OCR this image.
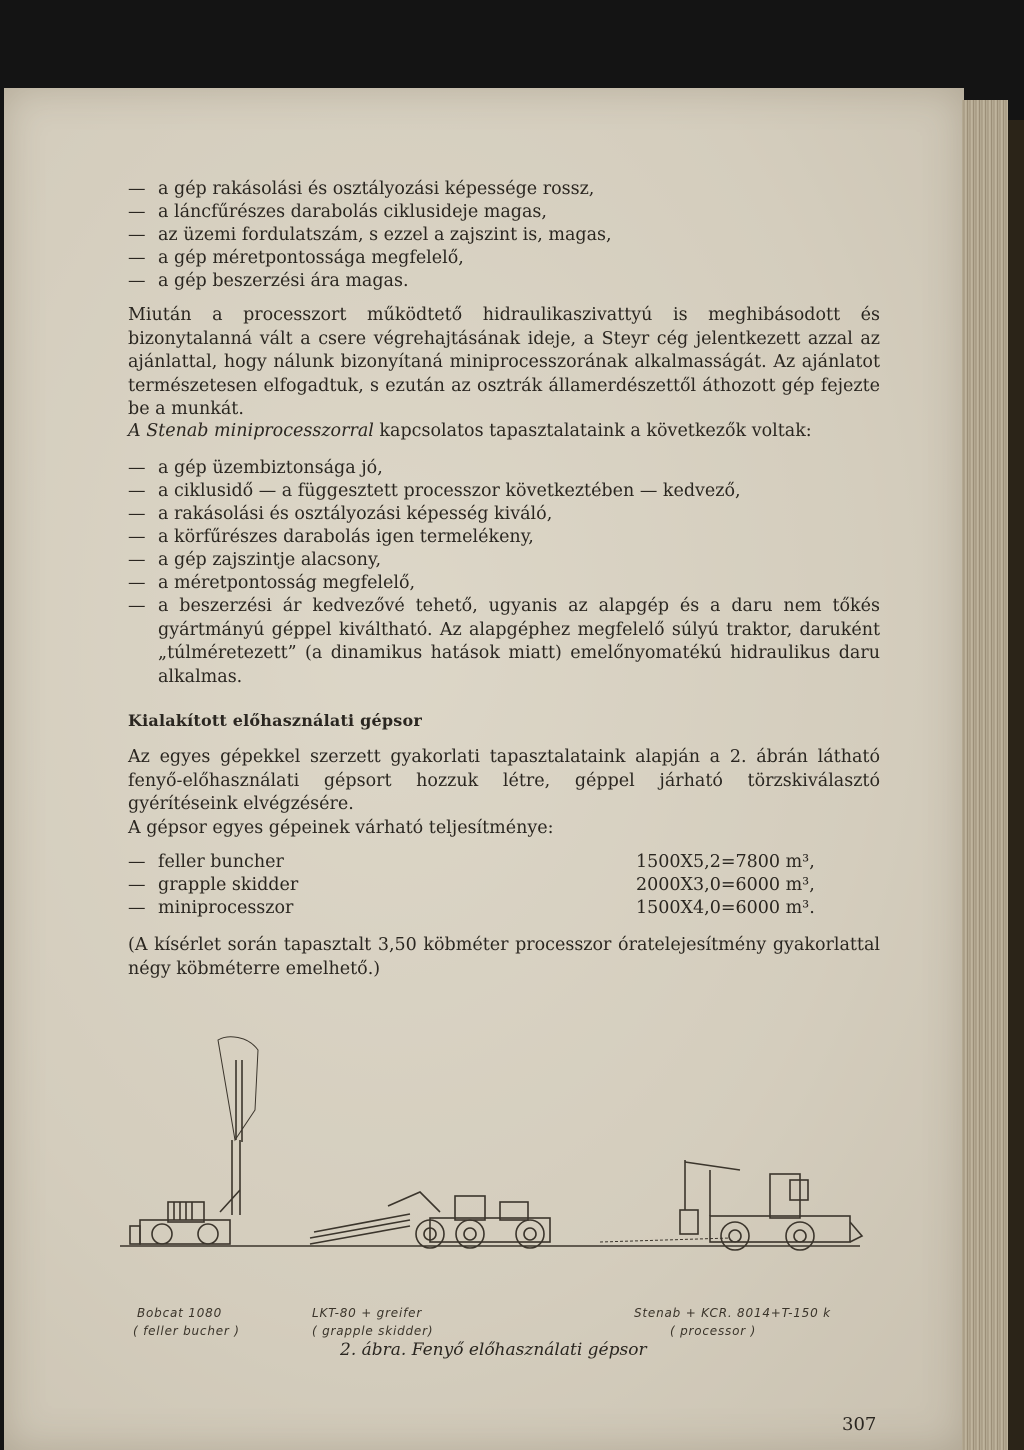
— a gép rakásolási és osztályozási képessége rossz,
— a láncfűrészes darabolás ciklusideje magas,
— az üzemi fordulatszám, s ezzel a zajszint is, magas,
— a gép méretpontossága megfelelő,
— a gép beszerzési ára magas.
Miután a processzort működtető hidraulikaszivattyú is meghibásodott és bizonytalanná vált a csere végrehajtásának ideje, a Steyr cég jelentkezett azzal az ajánlattal, hogy nálunk bizonyítaná miniprocesszorának alkalmasságát. Az ajánlatot természetesen elfogadtuk, s ezután az osztrák államerdészettől áthozott gép fejezte be a munkát.
A Stenab miniprocesszorral kapcsolatos tapasztalataink a következők voltak:
— a gép üzembiztonsága jó,
— a ciklusidő — a függesztett processzor következtében — kedvező,
— a rakásolási és osztályozási képesség kiváló,
— a körfűrészes darabolás igen termelékeny,
— a gép zajszintje alacsony,
— a méretpontosság megfelelő,
— a beszerzési ár kedvezővé tehető, ugyanis az alapgép és a daru nem tőkés gyártmányú géppel kiváltható. Az alapgéphez megfelelő súlyú traktor, daruként „túlméretezett” (a dinamikus hatások miatt) emelőnyomatékú hidraulikus daru alkalmas.
Kialakított előhasználati gépsor
Az egyes gépekkel szerzett gyakorlati tapasztalataink alapján a 2. ábrán látható fenyő-előhasználati gépsort hozzuk létre, géppel járható törzskiválasztó gyérítéseink elvégzésére.
A gépsor egyes gépeinek várható teljesítménye:
— feller buncher	1500X5,2=7800 m³,
— grapple skidder	2000X3,0=6000 m³,
— miniprocesszor	1500X4,0=6000 m³.
(A kísérlet során tapasztalt 3,50 köbméter processzor óratelejesítmény gyakorlattal négy köbméterre emelhető.)
Bobcat 1080
( feller bucher )
LKT-80 + greifer
( grapple skidder)
Stenab + KCR. 8014+T-150 k
( processor )
2. ábra. Fenyő előhasználati gépsor
307
